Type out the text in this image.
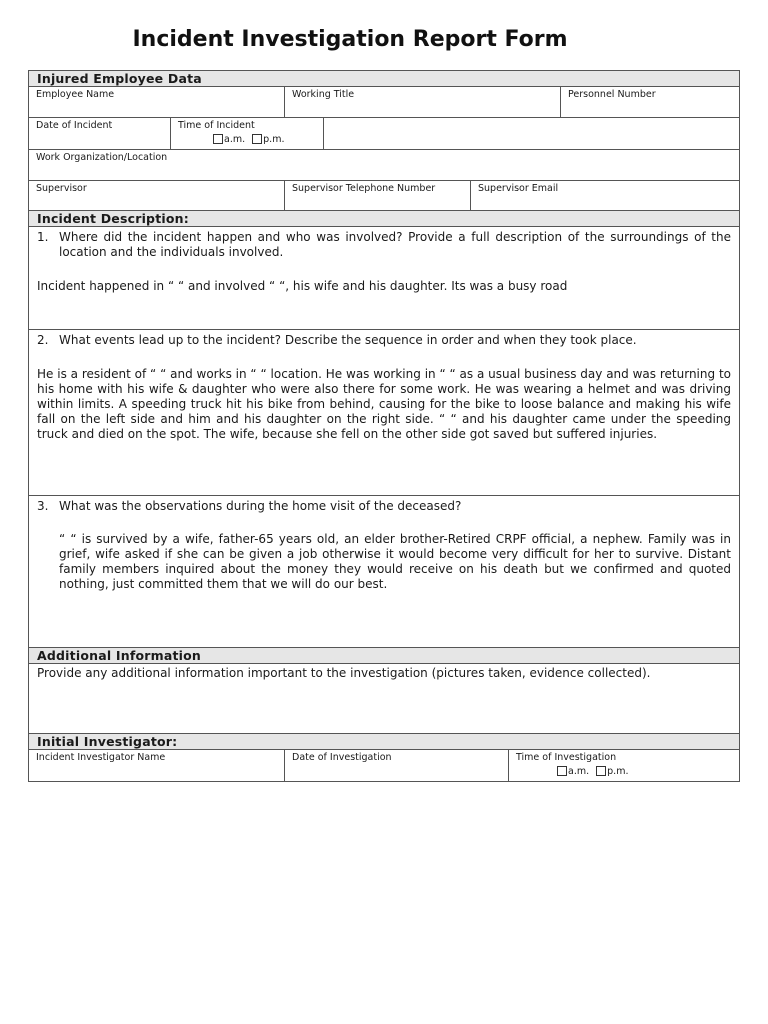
Incident Investigation Report Form
Injured Employee Data
Employee Name	Working Title	Personnel Number
Date of Incident	Time of Incident
a.m. p.m.
Work Organization/Location
Supervisor	Supervisor Telephone Number	Supervisor Email
Incident Description:
1. Where did the incident happen and who was involved? Provide a full description of the surroundings of the location and the individuals involved.
Incident happened in “ “ and involved “ “, his wife and his daughter. Its was a busy road
2. What events lead up to the incident? Describe the sequence in order and when they took place.
He is a resident of “ “ and works in “ “ location. He was working in “ “ as a usual business day and was returning to his home with his wife & daughter who were also there for some work. He was wearing a helmet and was driving within limits. A speeding truck hit his bike from behind, causing for the bike to loose balance and making his wife fall on the left side and him and his daughter on the right side. “ “ and his daughter came under the speeding truck and died on the spot. The wife, because she fell on the other side got saved but suffered injuries.
3. What was the observations during the home visit of the deceased?
“ “ is survived by a wife, father-65 years old, an elder brother-Retired CRPF official, a nephew. Family was in grief, wife asked if she can be given a job otherwise it would become very difficult for her to survive. Distant family members inquired about the money they would receive on his death but we confirmed and quoted nothing, just committed them that we will do our best.
Additional Information
Provide any additional information important to the investigation (pictures taken, evidence collected).
Initial Investigator:
Incident Investigator Name	Date of Investigation	Time of Investigation
a.m. p.m.
